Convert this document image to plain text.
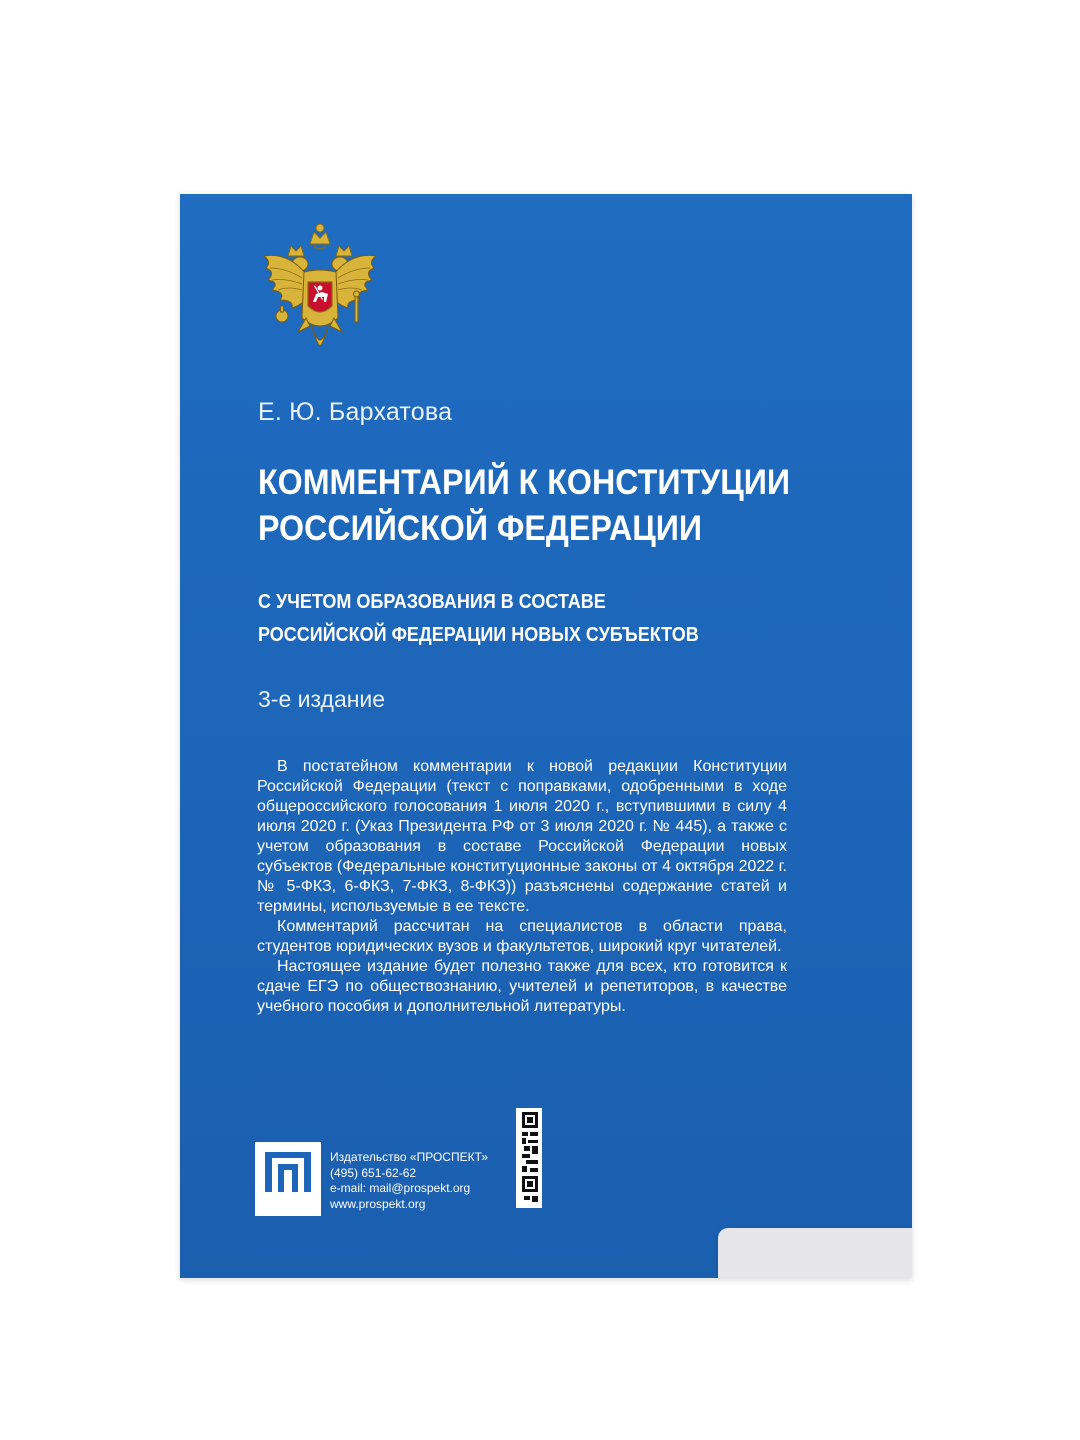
Е. Ю. Бархатова
КОММЕНТАРИЙ К КОНСТИТУЦИИ
РОССИЙСКОЙ ФЕДЕРАЦИИ
С УЧЕТОМ ОБРАЗОВАНИЯ В СОСТАВЕ
РОССИЙСКОЙ ФЕДЕРАЦИИ НОВЫХ СУБЪЕКТОВ
3-е издание

В постатейном комментарии к новой редакции Конституции Российской Федерации (текст с поправками, одобренными в ходе общероссийского голосования 1 июля 2020 г., вступившими в силу 4 июля 2020 г. (Указ Президента РФ от 3 июля 2020 г. № 445), а также с учетом образования в составе Российской Федерации новых субъектов (Федеральные конституционные законы от 4 октября 2022 г. № 5-ФКЗ, 6-ФКЗ, 7-ФКЗ, 8-ФКЗ)) разъяснены содержание статей и термины, используемые в ее тексте.

Комментарий рассчитан на специалистов в области права, студентов юридических вузов и факультетов, широкий круг читателей.

Настоящее издание будет полезно также для всех, кто готовится к сдаче ЕГЭ по обществознанию, учителей и репетиторов, в качестве учебного пособия и дополнительной литературы.

•ПРОСПЕКТ•
Издательство «ПРОСПЕКТ»
(495) 651-62-62
e-mail: mail@prospekt.org
www.prospekt.org
